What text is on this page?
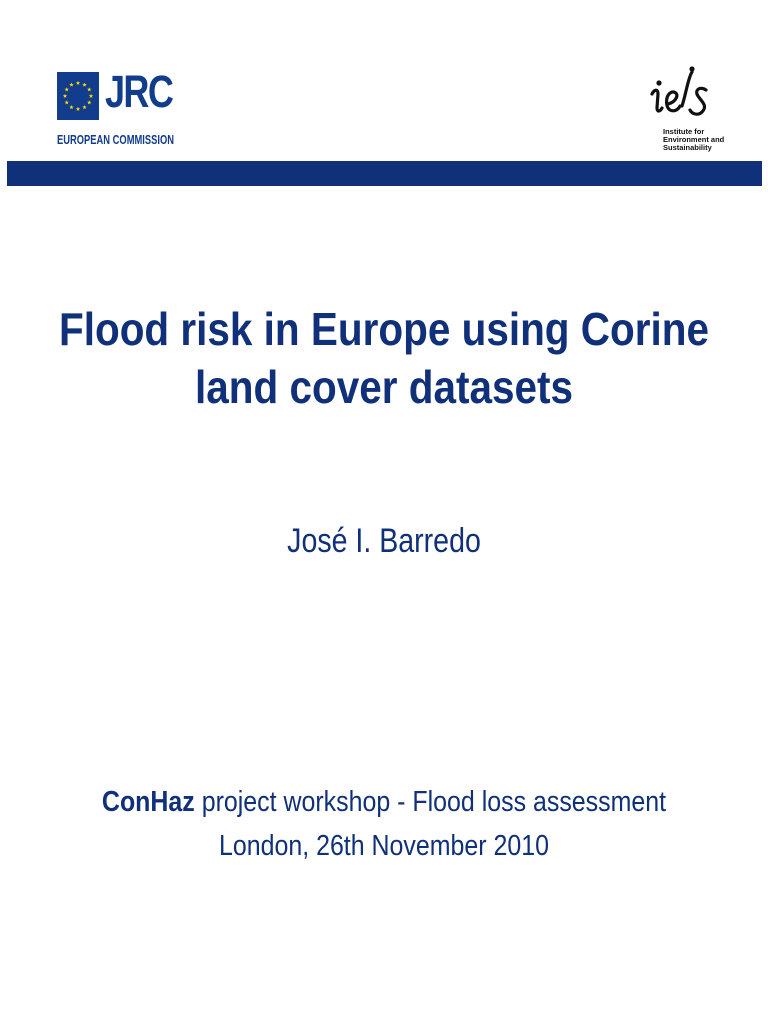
JRC
EUROPEAN COMMISSION
Institute for
Environment and
Sustainability
Flood risk in Europe using Corine
land cover datasets
José I. Barredo
ConHaz project workshop - Flood loss assessment
London, 26th November 2010
